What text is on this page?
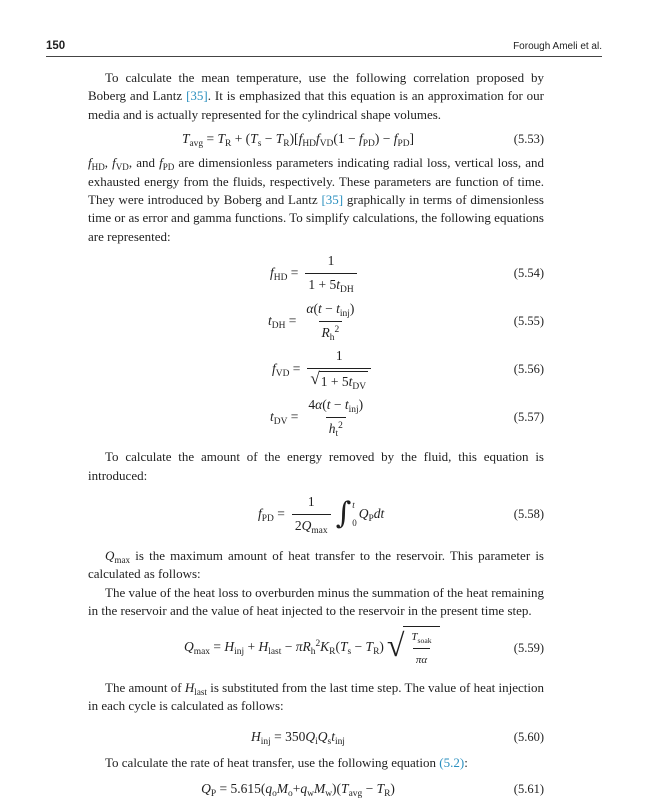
150	Forough Ameli et al.

To calculate the mean temperature, use the following correlation proposed by Boberg and Lantz [35]. It is emphasized that this equation is an approximation for our media and is actually represented for the cylindrical shape volumes.

$T_{avg} = T_R + (T_s - T_R)[f_{HD}f_{VD}(1 - f_{PD}) - f_{PD}]$	(5.53)

$f_{HD}$, $f_{VD}$, and $f_{PD}$ are dimensionless parameters indicating radial loss, vertical loss, and exhausted energy from the fluids, respectively. These parameters are function of time. They were introduced by Boberg and Lantz [35] graphically in terms of dimensionless time or as error and gamma functions. To simplify calculations, the following equations are represented:

$f_{HD} = \frac{1}{1 + 5t_{DH}}$	(5.54)
$t_{DH} = \frac{\alpha(t - t_{inj})}{R_h^2}$	(5.55)
$f_{VD} = \frac{1}{√ 1 + 5t_{DV}}$	(5.56)
$t_{DV} = \frac{4\alpha(t - t_{inj})}{h_t^2}$	(5.57)

To calculate the amount of the energy removed by the fluid, this equation is introduced:

$f_{PD} = \frac{1}{2Q_{max}}$ ∫ t
0
$Q_Pdt$	(5.58)

$Q_{max}$ is the maximum amount of heat transfer to the reservoir. This parameter is calculated as follows:

The value of the heat loss to overburden minus the summation of the heat remaining in the reservoir and the value of heat injected to the reservoir in the present time step.

$Q_{max} = H_{inj} + H_{last} - \pi R_h^2K_R(T_s - T_R)$ √ $\frac{T_{soak}}{\pi\alpha}$	(5.59)

The amount of $H_{last}$ is substituted from the last time step. The value of heat injection in each cycle is calculated as follows:

$H_{inj} = 350Q_iQ_st_{inj}$	(5.60)

To calculate the rate of heat transfer, use the following equation (5.2):

$Q_P = 5.615(q_oM_o+q_wM_w)(T_{avg} - T_R)$	(5.61)
